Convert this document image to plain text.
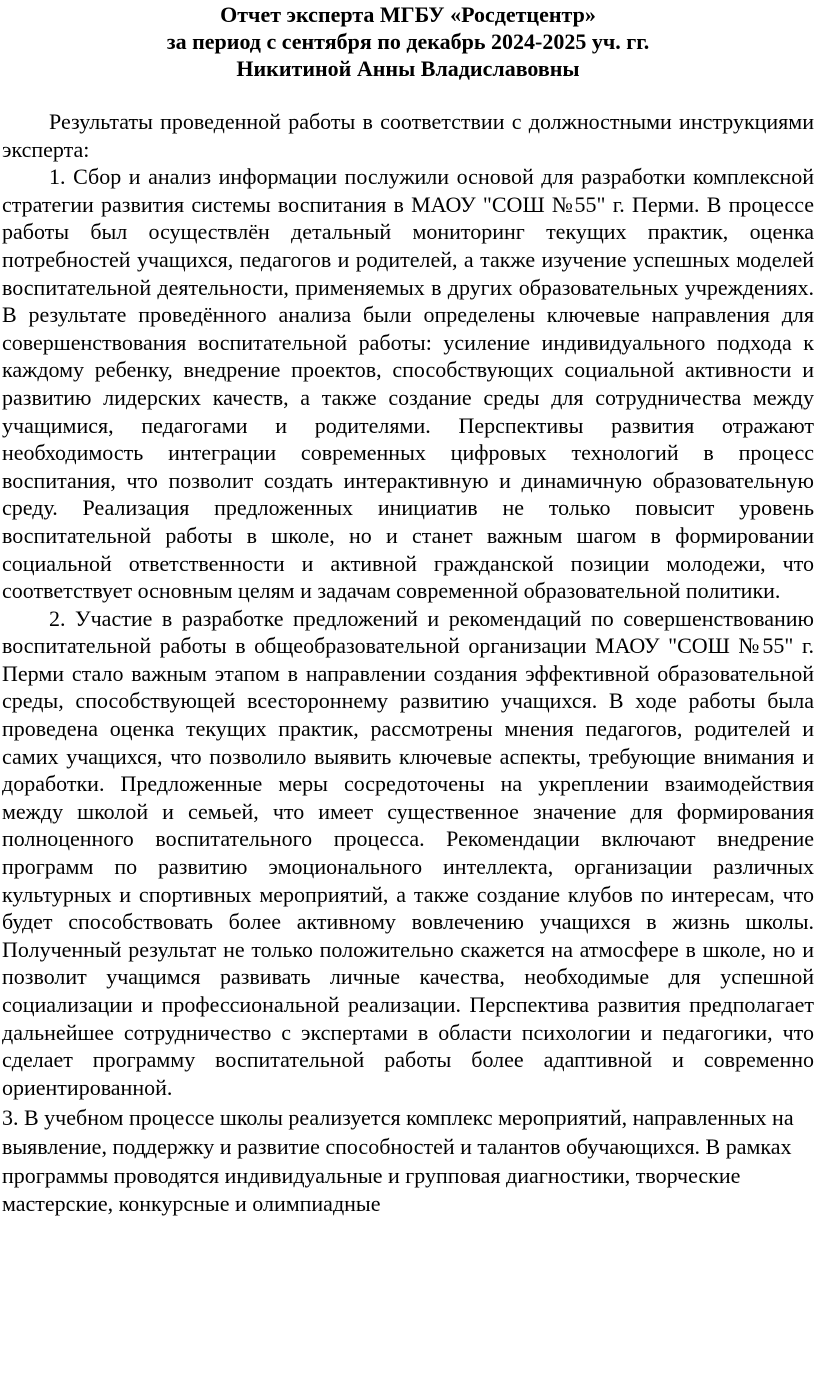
Отчет эксперта МГБУ «Росдетцентр»
за период с сентября по декабрь 2024-2025 уч. гг.
Никитиной Анны Владиславовны

Результаты проведенной работы в соответствии с должностными инструкциями эксперта:

1. Сбор и анализ информации послужили основой для разработки комплексной стратегии развития системы воспитания в МАОУ "СОШ №55" г. Перми. В процессе работы был осуществлён детальный мониторинг текущих практик, оценка потребностей учащихся, педагогов и родителей, а также изучение успешных моделей воспитательной деятельности, применяемых в других образовательных учреждениях. В результате проведённого анализа были определены ключевые направления для совершенствования воспитательной работы: усиление индивидуального подхода к каждому ребенку, внедрение проектов, способствующих социальной активности и развитию лидерских качеств, а также создание среды для сотрудничества между учащимися, педагогами и родителями. Перспективы развития отражают необходимость интеграции современных цифровых технологий в процесс воспитания, что позволит создать интерактивную и динамичную образовательную среду. Реализация предложенных инициатив не только повысит уровень воспитательной работы в школе, но и станет важным шагом в формировании социальной ответственности и активной гражданской позиции молодежи, что соответствует основным целям и задачам современной образовательной политики.

2. Участие в разработке предложений и рекомендаций по совершенствованию воспитательной работы в общеобразовательной организации МАОУ "СОШ №55" г. Перми стало важным этапом в направлении создания эффективной образовательной среды, способствующей всестороннему развитию учащихся. В ходе работы была проведена оценка текущих практик, рассмотрены мнения педагогов, родителей и самих учащихся, что позволило выявить ключевые аспекты, требующие внимания и доработки. Предложенные меры сосредоточены на укреплении взаимодействия между школой и семьей, что имеет существенное значение для формирования полноценного воспитательного процесса. Рекомендации включают внедрение программ по развитию эмоционального интеллекта, организации различных культурных и спортивных мероприятий, а также создание клубов по интересам, что будет способствовать более активному вовлечению учащихся в жизнь школы. Полученный результат не только положительно скажется на атмосфере в школе, но и позволит учащимся развивать личные качества, необходимые для успешной социализации и профессиональной реализации. Перспектива развития предполагает дальнейшее сотрудничество с экспертами в области психологии и педагогики, что сделает программу воспитательной работы более адаптивной и современно ориентированной.

3. В учебном процессе школы реализуется комплекс мероприятий, направленных на выявление, поддержку и развитие способностей и талантов обучающихся. В рамках программы проводятся индивидуальные и групповая диагностики, творческие мастерские, конкурсные и олимпиадные
